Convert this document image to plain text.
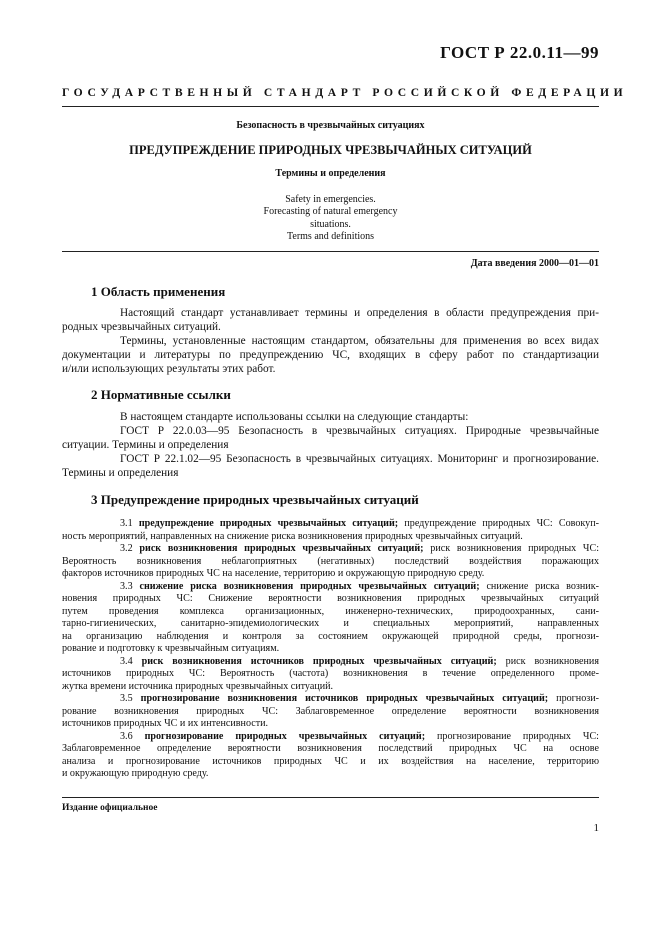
ГОСТ Р 22.0.11—99
ГОСУДАРСТВЕННЫЙ СТАНДАРТ РОССИЙСКОЙ ФЕДЕРАЦИИ
Безопасность в чрезвычайных ситуациях
ПРЕДУПРЕЖДЕНИЕ ПРИРОДНЫХ ЧРЕЗВЫЧАЙНЫХ СИТУАЦИЙ
Термины и определения
Safety in emergencies.
Forecasting of natural emergency
situations.
Terms and definitions
Дата введения 2000—01—01
1 Область применения
Настоящий стандарт устанавливает термины и определения в области предупреждения при-
родных чрезвычайных ситуаций.
Термины, установленные настоящим стандартом, обязательны для применения во всех видах
документации и литературы по предупреждению ЧС, входящих в сферу работ по стандартизации
и/или использующих результаты этих работ.
2 Нормативные ссылки
В настоящем стандарте использованы ссылки на следующие стандарты:
ГОСТ Р 22.0.03—95 Безопасность в чрезвычайных ситуациях. Природные чрезвычайные
ситуации. Термины и определения
ГОСТ Р 22.1.02—95 Безопасность в чрезвычайных ситуациях. Мониторинг и прогнозирование.
Термины и определения
3 Предупреждение природных чрезвычайных ситуаций
3.1 предупреждение природных чрезвычайных ситуаций; предупреждение природных ЧС: Совокуп-
ность мероприятий, направленных на снижение риска возникновения природных чрезвычайных ситуаций.
3.2 риск возникновения природных чрезвычайных ситуаций; риск возникновения природных ЧС:
Вероятность возникновения неблагоприятных (негативных) последствий воздействия поражающих
факторов источников природных ЧС на население, территорию и окружающую природную среду.
3.3 снижение риска возникновения природных чрезвычайных ситуаций; снижение риска возник-
новения природных ЧС: Снижение вероятности возникновения природных чрезвычайных ситуаций
путем проведения комплекса организационных, инженерно-технических, природоохранных, сани-
тарно-гигиенических, санитарно-эпидемиологических и специальных мероприятий, направленных
на организацию наблюдения и контроля за состоянием окружающей природной среды, прогнози-
рование и подготовку к чрезвычайным ситуациям.
3.4 риск возникновения источников природных чрезвычайных ситуаций; риск возникновения
источников природных ЧС: Вероятность (частота) возникновения в течение определенного проме-
жутка времени источника природных чрезвычайных ситуаций.
3.5 прогнозирование возникновения источников природных чрезвычайных ситуаций; прогнози-
рование возникновения природных ЧС: Заблаговременное определение вероятности возникновения
источников природных ЧС и их интенсивности.
3.6 прогнозирование природных чрезвычайных ситуаций; прогнозирование природных ЧС:
Заблаговременное определение вероятности возникновения последствий природных ЧС на основе
анализа и прогнозирование источников природных ЧС и их воздействия на население, территорию
и окружающую природную среду.
Издание официальное
1
